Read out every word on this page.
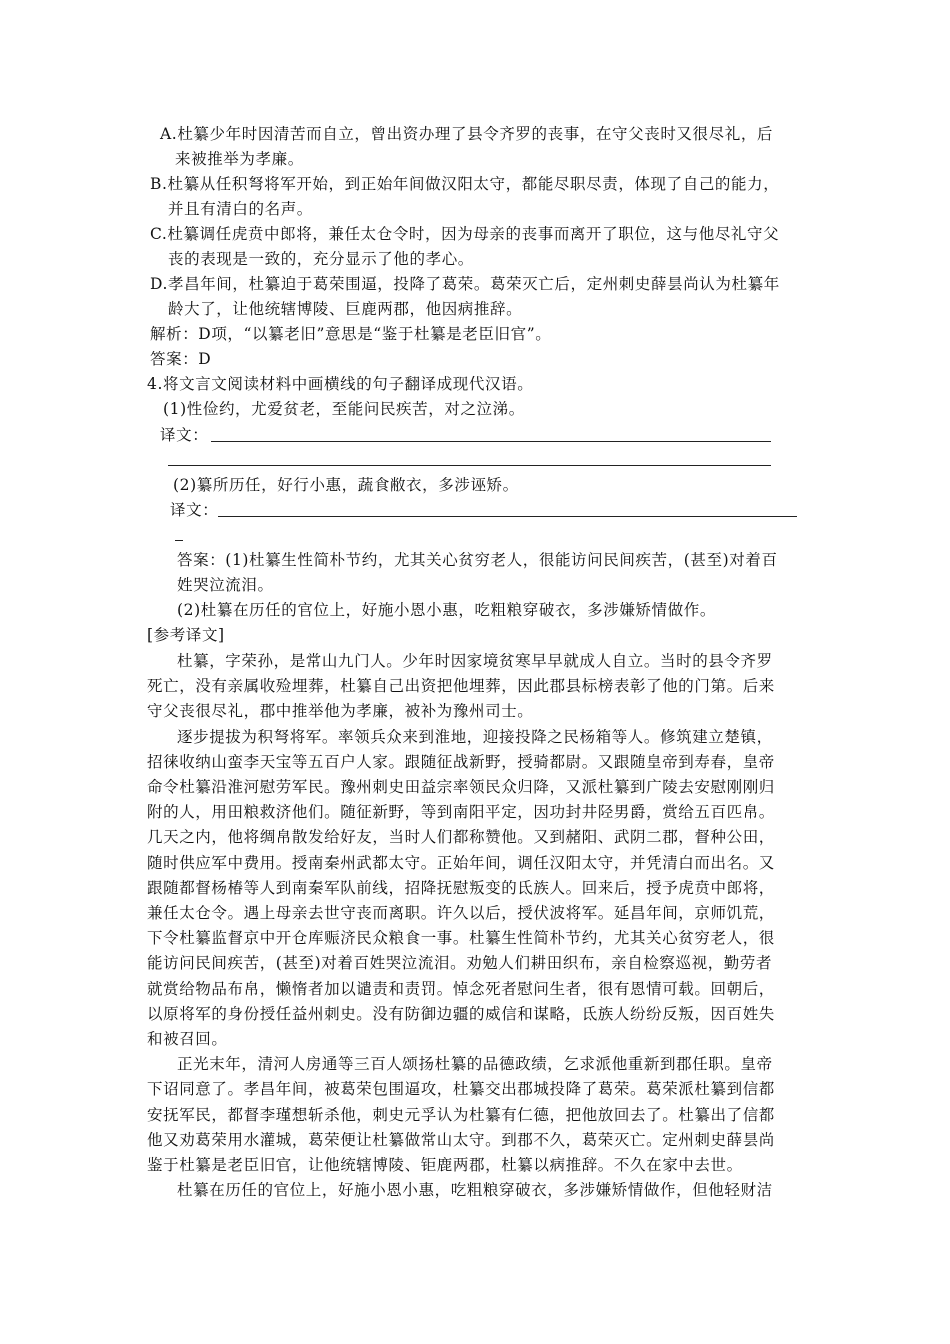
A.杜纂少年时因清苦而自立，曾出资办理了县令齐罗的丧事，在守父丧时又很尽礼，后
来被推举为孝廉。
B.杜纂从任积弩将军开始，到正始年间做汉阳太守，都能尽职尽责，体现了自己的能力，
并且有清白的名声。
C.杜纂调任虎贲中郎将，兼任太仓令时，因为母亲的丧事而离开了职位，这与他尽礼守父
丧的表现是一致的，充分显示了他的孝心。
D.孝昌年间，杜纂迫于葛荣围逼，投降了葛荣。葛荣灭亡后，定州刺史薛昙尚认为杜纂年
龄大了，让他统辖博陵、巨鹿两郡，他因病推辞。
解析：D项，“以纂老旧”意思是“鉴于杜纂是老臣旧官”。
答案：D
4.将文言文阅读材料中画横线的句子翻译成现代汉语。
(1)性俭约，尤爱贫老，至能问民疾苦，对之泣涕。
译文：
(2)纂所历任，好行小惠，蔬食敝衣，多涉诬矫。
译文：
答案：(1)杜纂生性简朴节约，尤其关心贫穷老人，很能访问民间疾苦，(甚至)对着百
姓哭泣流泪。
(2)杜纂在历任的官位上，好施小恩小惠，吃粗粮穿破衣，多涉嫌矫情做作。
[参考译文]
杜纂，字荣孙，是常山九门人。少年时因家境贫寒早早就成人自立。当时的县令齐罗
死亡，没有亲属收殓埋葬，杜纂自己出资把他埋葬，因此郡县标榜表彰了他的门第。后来
守父丧很尽礼，郡中推举他为孝廉，被补为豫州司士。
逐步提拔为积弩将军。率领兵众来到淮地，迎接投降之民杨箱等人。修筑建立楚镇，
招徕收纳山蛮李天宝等五百户人家。跟随征战新野，授骑都尉。又跟随皇帝到寿春，皇帝
命令杜纂沿淮河慰劳军民。豫州刺史田益宗率领民众归降，又派杜纂到广陵去安慰刚刚归
附的人，用田粮救济他们。随征新野，等到南阳平定，因功封井陉男爵，赏给五百匹帛。
几天之内，他将绸帛散发给好友，当时人们都称赞他。又到赭阳、武阴二郡，督种公田，
随时供应军中费用。授南秦州武都太守。正始年间，调任汉阳太守，并凭清白而出名。又
跟随都督杨椿等人到南秦军队前线，招降抚慰叛变的氐族人。回来后，授予虎贲中郎将，
兼任太仓令。遇上母亲去世守丧而离职。许久以后，授伏波将军。延昌年间，京师饥荒，
下令杜纂监督京中开仓库赈济民众粮食一事。杜纂生性简朴节约，尤其关心贫穷老人，很
能访问民间疾苦，(甚至)对着百姓哭泣流泪。劝勉人们耕田织布，亲自检察巡视，勤劳者
就赏给物品布帛，懒惰者加以谴责和责罚。悼念死者慰问生者，很有恩情可载。回朝后，
以原将军的身份授任益州刺史。没有防御边疆的威信和谋略，氐族人纷纷反叛，因百姓失
和被召回。
正光末年，清河人房通等三百人颂扬杜纂的品德政绩，乞求派他重新到郡任职。皇帝
下诏同意了。孝昌年间，被葛荣包围逼攻，杜纂交出郡城投降了葛荣。葛荣派杜纂到信都
安抚军民，都督李瑾想斩杀他，刺史元孚认为杜纂有仁德，把他放回去了。杜纂出了信都
他又劝葛荣用水灌城，葛荣便让杜纂做常山太守。到郡不久，葛荣灭亡。定州刺史薛昙尚
鉴于杜纂是老臣旧官，让他统辖博陵、钜鹿两郡，杜纂以病推辞。不久在家中去世。
杜纂在历任的官位上，好施小恩小惠，吃粗粮穿破衣，多涉嫌矫情做作，但他轻财洁
